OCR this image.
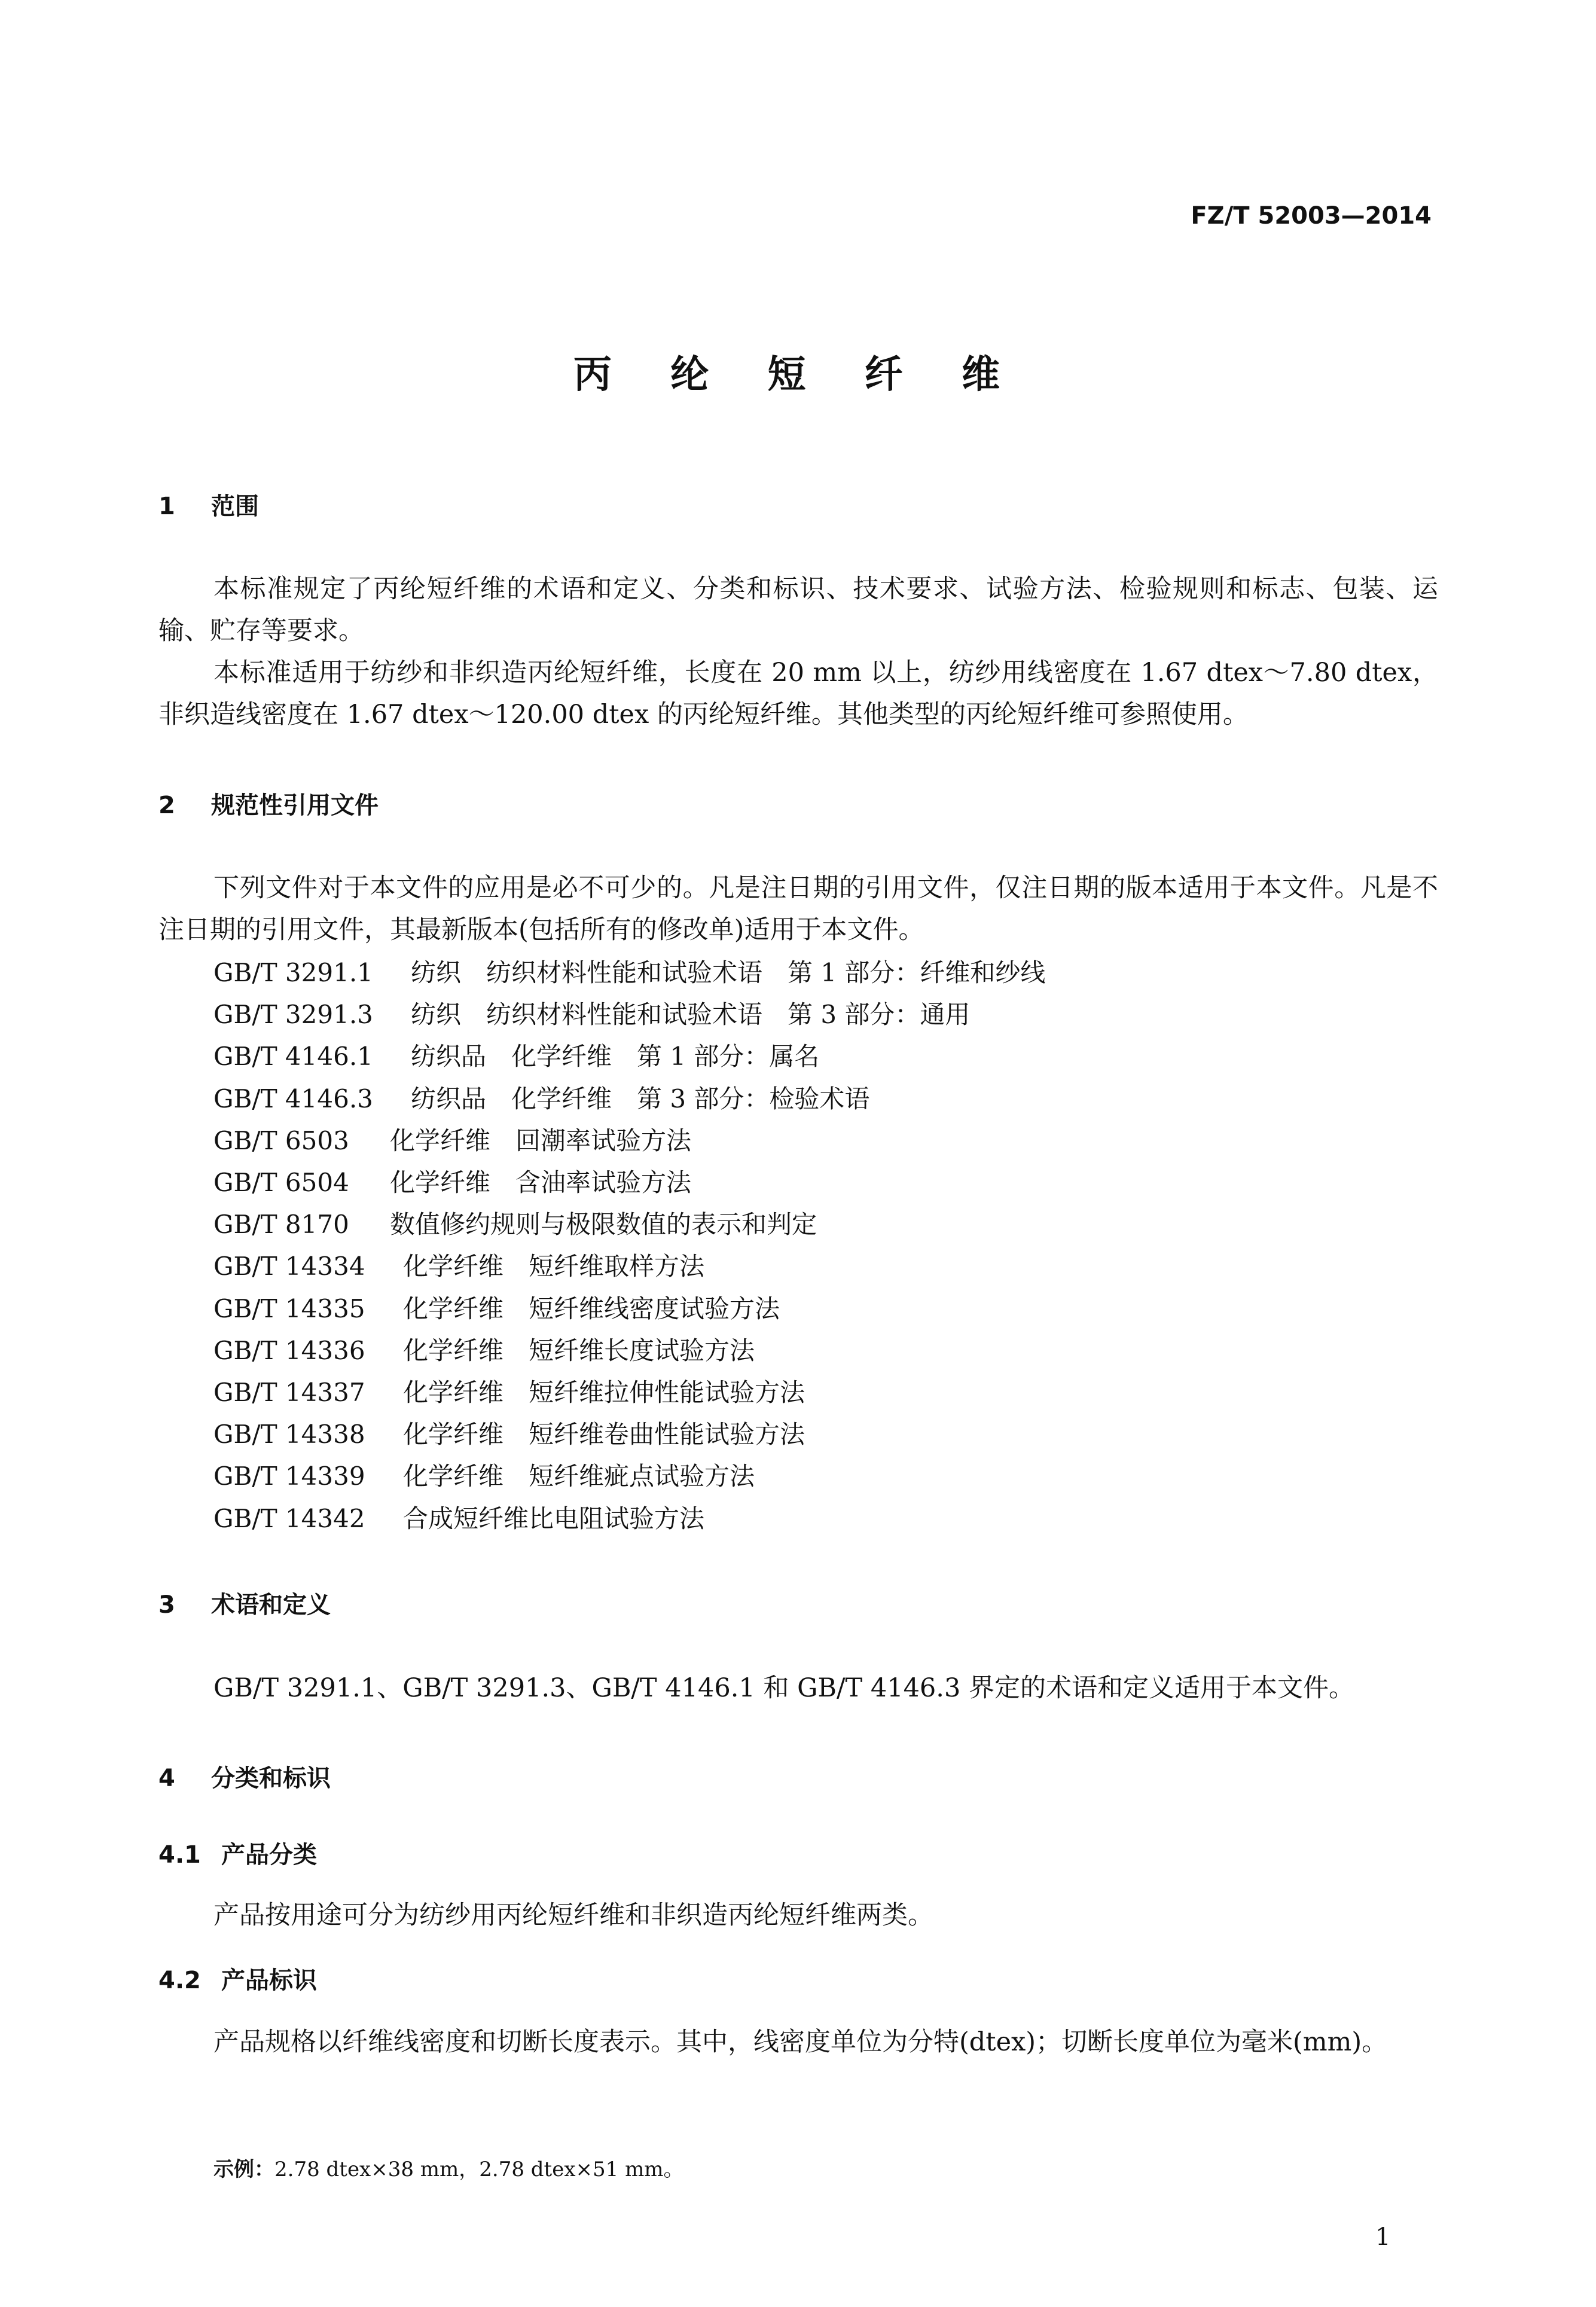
FZ/T 52003—2014
丙 纶 短 纤 维
1 范围

本标准规定了丙纶短纤维的术语和定义、分类和标识、技术要求、试验方法、检验规则和标志、包装、运输、贮存等要求。

本标准适用于纺纱和非织造丙纶短纤维，长度在 20 mm 以上，纺纱用线密度在 1.67 dtex～7.80 dtex，非织造线密度在 1.67 dtex～120.00 dtex 的丙纶短纤维。其他类型的丙纶短纤维可参照使用。

2 规范性引用文件

下列文件对于本文件的应用是必不可少的。凡是注日期的引用文件，仅注日期的版本适用于本文件。凡是不注日期的引用文件，其最新版本(包括所有的修改单)适用于本文件。

GB/T 3291.1 纺织　纺织材料性能和试验术语　第 1 部分：纤维和纱线
GB/T 3291.3 纺织　纺织材料性能和试验术语　第 3 部分：通用
GB/T 4146.1 纺织品　化学纤维　第 1 部分：属名
GB/T 4146.3 纺织品　化学纤维　第 3 部分：检验术语
GB/T 6503 化学纤维　回潮率试验方法
GB/T 6504 化学纤维　含油率试验方法
GB/T 8170 数值修约规则与极限数值的表示和判定
GB/T 14334 化学纤维　短纤维取样方法
GB/T 14335 化学纤维　短纤维线密度试验方法
GB/T 14336 化学纤维　短纤维长度试验方法
GB/T 14337 化学纤维　短纤维拉伸性能试验方法
GB/T 14338 化学纤维　短纤维卷曲性能试验方法
GB/T 14339 化学纤维　短纤维疵点试验方法
GB/T 14342 合成短纤维比电阻试验方法
3 术语和定义

GB/T 3291.1、GB/T 3291.3、GB/T 4146.1 和 GB/T 4146.3 界定的术语和定义适用于本文件。

4 分类和标识
4.1 产品分类

产品按用途可分为纺纱用丙纶短纤维和非织造丙纶短纤维两类。

4.2 产品标识

产品规格以纤维线密度和切断长度表示。其中，线密度单位为分特(dtex)；切断长度单位为毫米(mm)。

示例：2.78 dtex×38 mm，2.78 dtex×51 mm。
1
